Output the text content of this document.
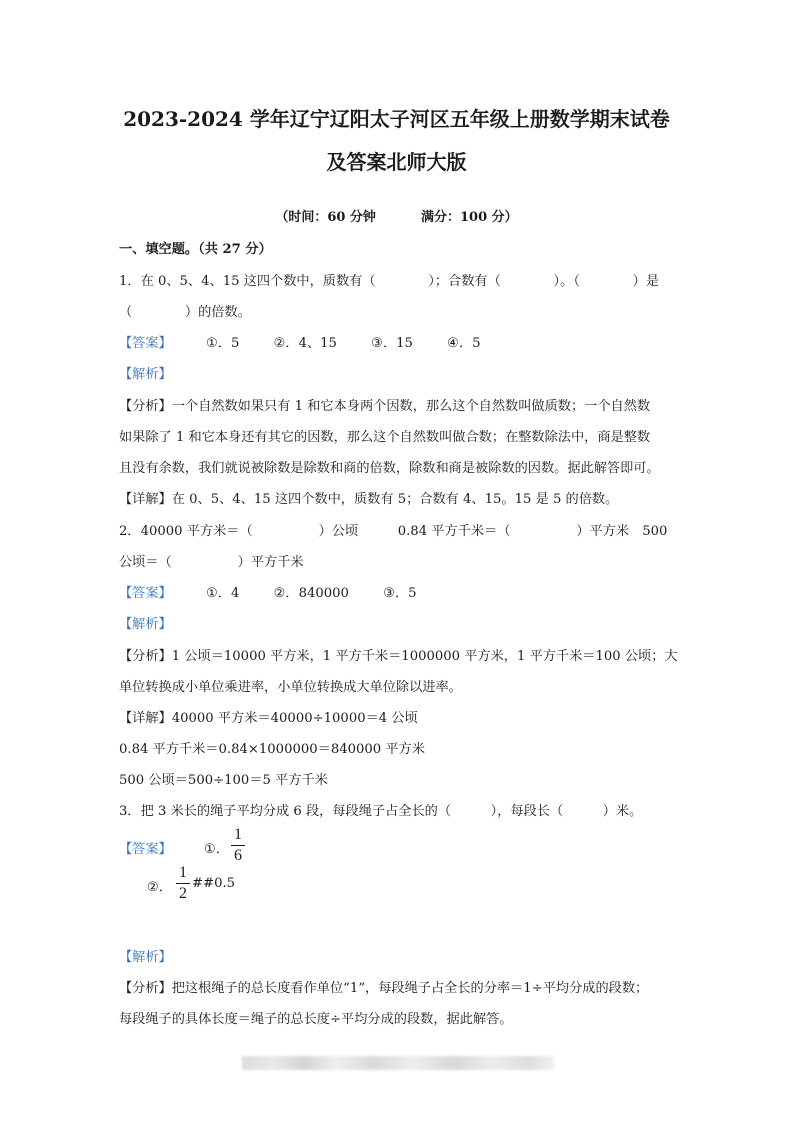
2023-2024 学年辽宁辽阳太子河区五年级上册数学期末试卷
及答案北师大版
（时间：60 分钟	满分：100 分）
一、填空题。（共 27 分）
1．在 0、5、4、15 这四个数中，质数有（　　　　）；合数有（　　　　）。（　　　　）是
（　　　　）的倍数。
【答案】	①．5	②．4、15	③．15	④．5
【解析】
【分析】一个自然数如果只有 1 和它本身两个因数，那么这个自然数叫做质数；一个自然数
如果除了 1 和它本身还有其它的因数，那么这个自然数叫做合数；在整数除法中，商是整数
且没有余数，我们就说被除数是除数和商的倍数，除数和商是被除数的因数。据此解答即可。
【详解】在 0、5、4、15 这四个数中，质数有 5；合数有 4、15。15 是 5 的倍数。
2．40000 平方米＝（　　　　　）公顷　　　0.84 平方千米＝（　　　　　）平方米　500
公顷＝（　　　　　）平方千米
【答案】	①．4	②．840000	③．5
【解析】
【分析】1 公顷＝10000 平方米，1 平方千米＝1000000 平方米，1 平方千米＝100 公顷；大
单位转换成小单位乘进率，小单位转换成大单位除以进率。
【详解】40000 平方米＝40000÷10000＝4 公顷
0.84 平方千米＝0.84×1000000＝840000 平方米
500 公顷＝500÷100＝5 平方千米
3．把 3 米长的绳子平均分成 6 段，每段绳子占全长的（　　　），每段长（　　　）米。
【答案】 ①．
1
6
②．
1
2
##0.5
【解析】
【分析】把这根绳子的总长度看作单位“1”，每段绳子占全长的分率＝1÷平均分成的段数；
每段绳子的具体长度＝绳子的总长度÷平均分成的段数，据此解答。
